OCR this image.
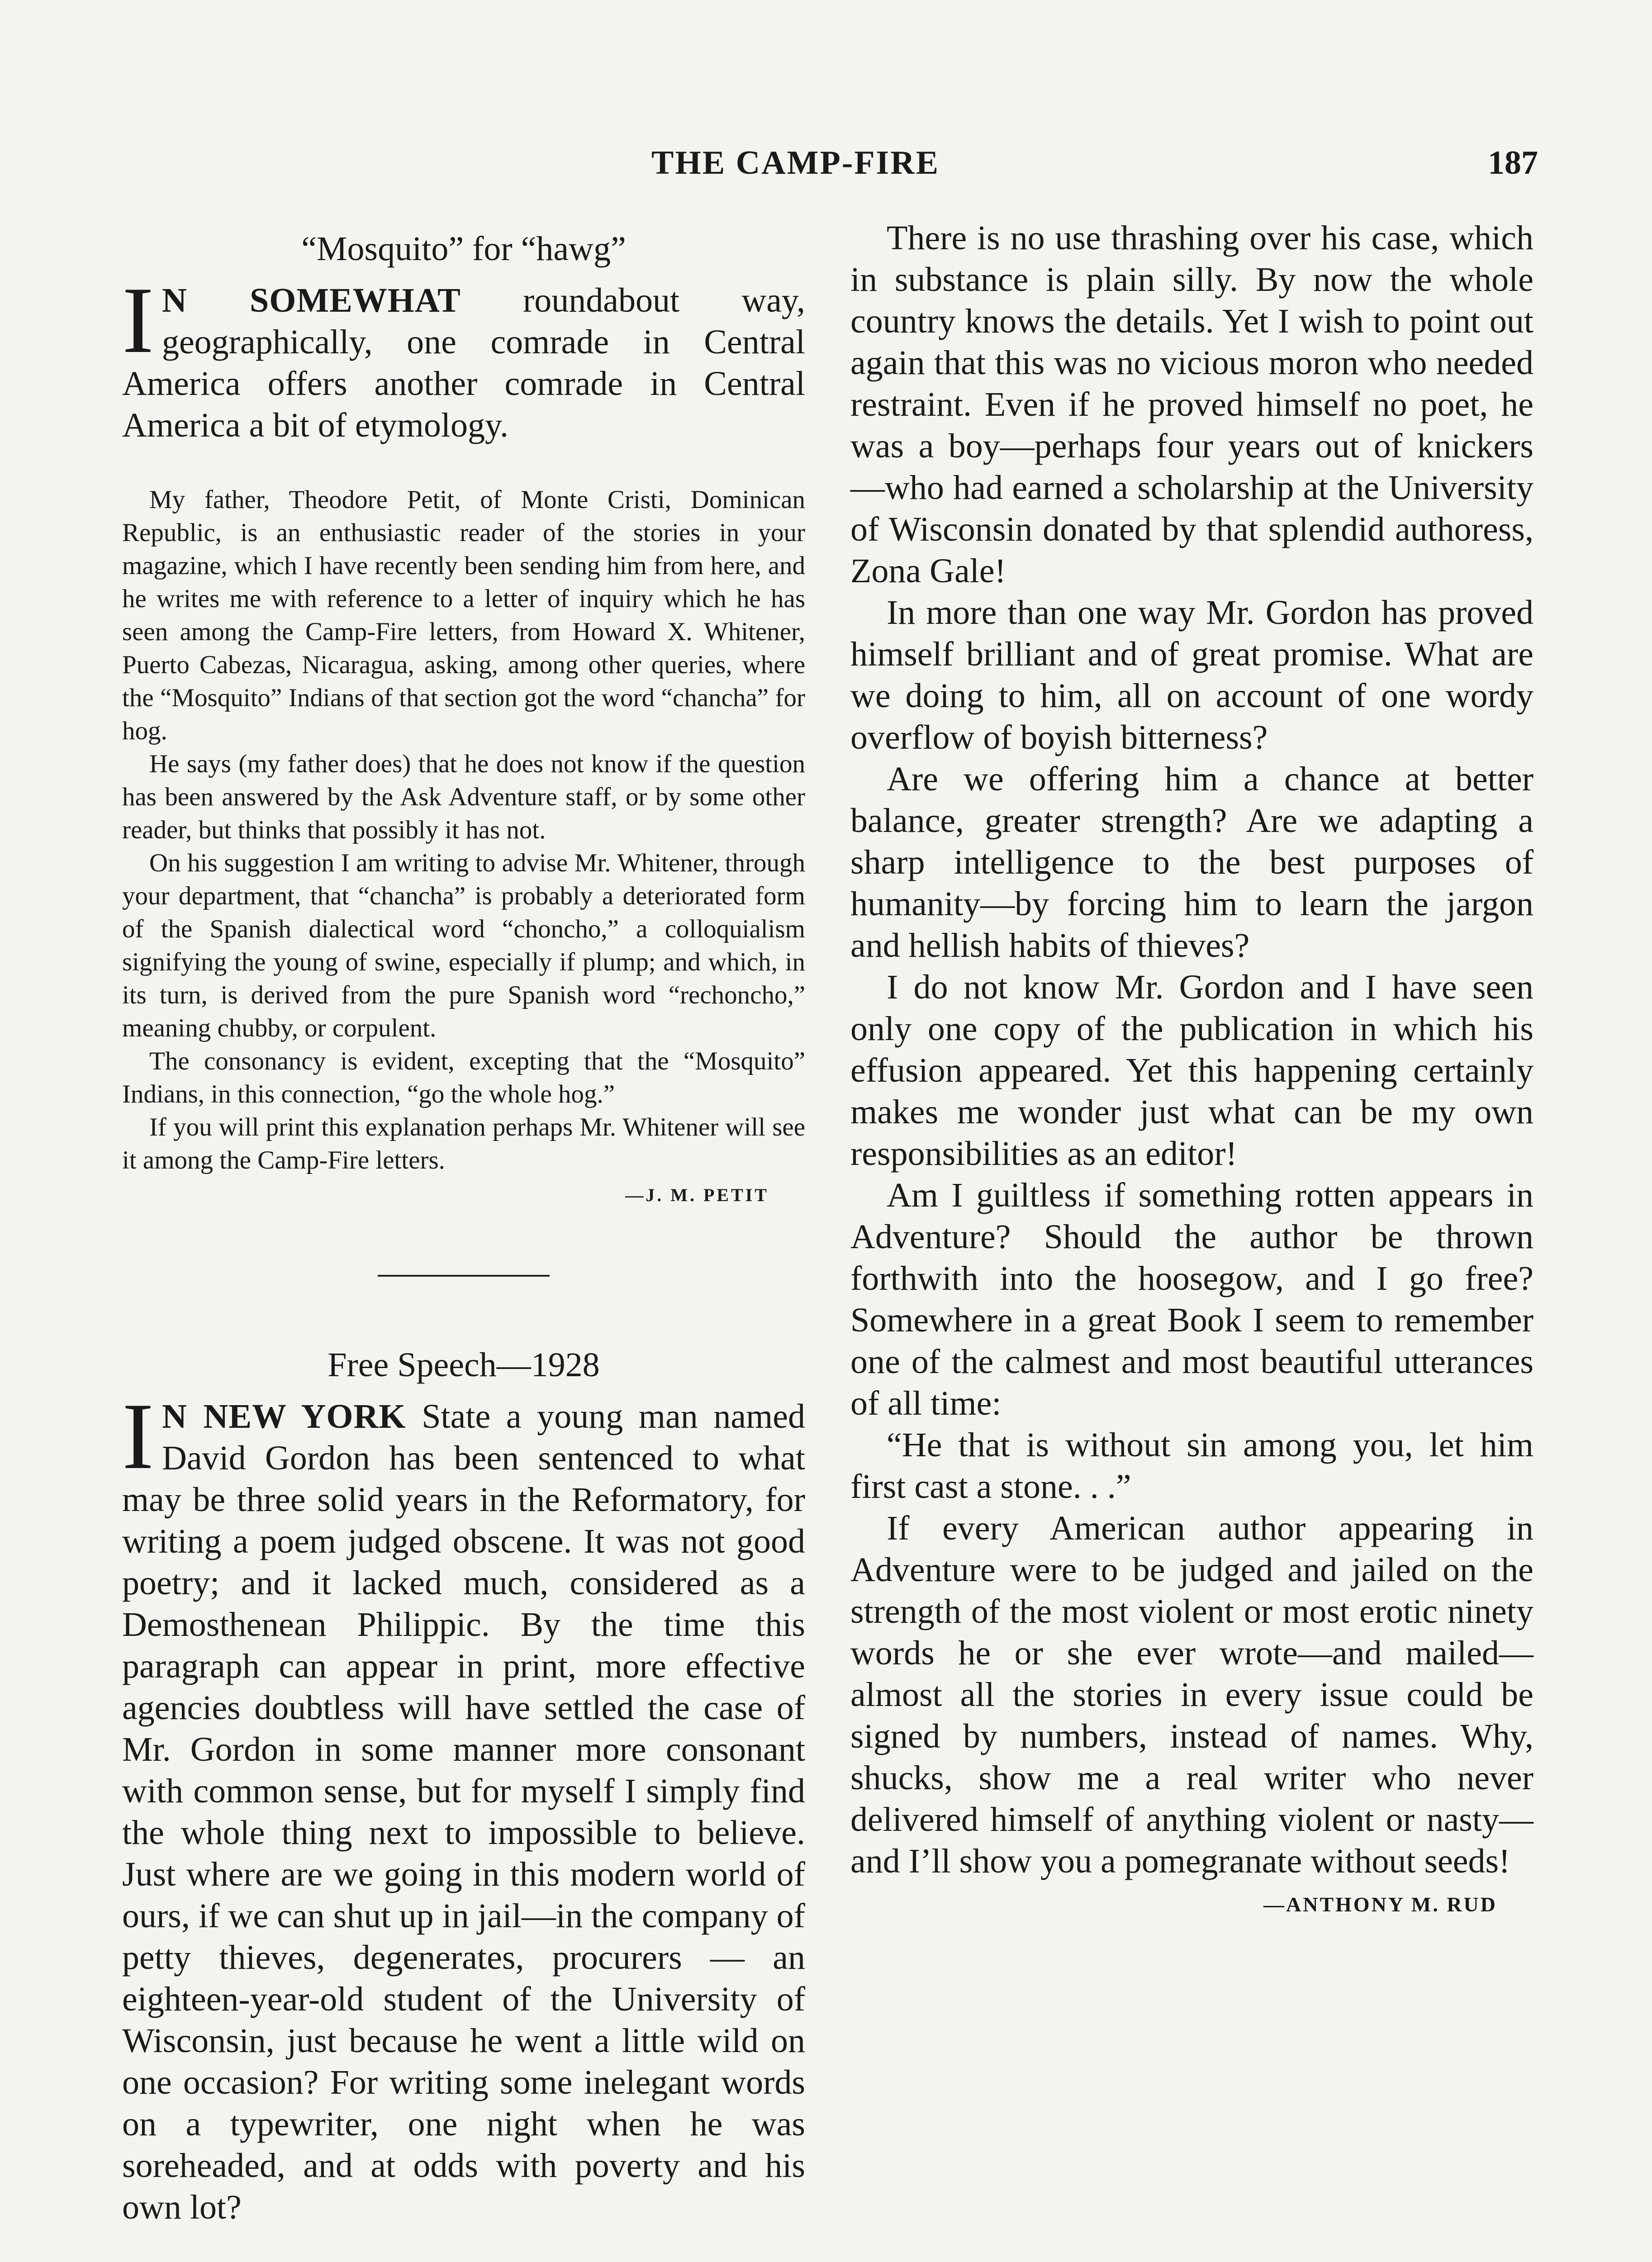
THE CAMP-FIRE	187
“Mosquito” for “hawg”

I N SOMEWHAT roundabout way, geographically, one comrade in Central America offers another comrade in Central America a bit of etymology.

My father, Theodore Petit, of Monte Cristi, Dominican Republic, is an enthusiastic reader of the stories in your magazine, which I have recently been sending him from here, and he writes me with reference to a letter of inquiry which he has seen among the Camp-Fire letters, from Howard X. Whitener, Puerto Cabezas, Nicaragua, asking, among other queries, where the “Mosquito” Indians of that section got the word “chancha” for hog.

He says (my father does) that he does not know if the question has been answered by the Ask Adventure staff, or by some other reader, but thinks that possibly it has not.

On his suggestion I am writing to advise Mr. Whitener, through your department, that “chancha” is probably a deteriorated form of the Spanish dialectical word “choncho,” a colloquialism signifying the young of swine, especially if plump; and which, in its turn, is derived from the pure Spanish word “rechoncho,” meaning chubby, or corpulent.

The consonancy is evident, excepting that the “Mosquito” Indians, in this connection, “go the whole hog.”

If you will print this explanation perhaps Mr. Whitener will see it among the Camp-Fire letters.

—J. M. PETIT
Free Speech—1928

I N NEW YORK State a young man named David Gordon has been sentenced to what may be three solid years in the Reformatory, for writing a poem judged obscene. It was not good poetry; and it lacked much, considered as a Demosthenean Philippic. By the time this paragraph can appear in print, more effective agencies doubtless will have settled the case of Mr. Gordon in some manner more consonant with common sense, but for myself I simply find the whole thing next to impossible to believe. Just where are we going in this modern world of ours, if we can shut up in jail—in the company of petty thieves, degenerates, procurers — an eighteen-year-old student of the University of Wisconsin, just because he went a little wild on one occasion? For writing some inelegant words on a typewriter, one night when he was soreheaded, and at odds with poverty and his own lot?

There is no use thrashing over his case, which in substance is plain silly. By now the whole country knows the details. Yet I wish to point out again that this was no vicious moron who needed restraint. Even if he proved himself no poet, he was a boy—perhaps four years out of knickers —who had earned a scholarship at the University of Wisconsin donated by that splendid authoress, Zona Gale!

In more than one way Mr. Gordon has proved himself brilliant and of great promise. What are we doing to him, all on account of one wordy overflow of boyish bitterness?

Are we offering him a chance at better balance, greater strength? Are we adapting a sharp intelligence to the best purposes of humanity—by forcing him to learn the jargon and hellish habits of thieves?

I do not know Mr. Gordon and I have seen only one copy of the publication in which his effusion appeared. Yet this happening certainly makes me wonder just what can be my own responsibilities as an editor!

Am I guiltless if something rotten appears in Adventure? Should the author be thrown forthwith into the hoosegow, and I go free? Somewhere in a great Book I seem to remember one of the calmest and most beautiful utterances of all time:

“He that is without sin among you, let him first cast a stone. . .”

If every American author appearing in Adventure were to be judged and jailed on the strength of the most violent or most erotic ninety words he or she ever wrote—and mailed—almost all the stories in every issue could be signed by numbers, instead of names. Why, shucks, show me a real writer who never delivered himself of anything violent or nasty—and I’ll show you a pomegranate without seeds!

—ANTHONY M. RUD
